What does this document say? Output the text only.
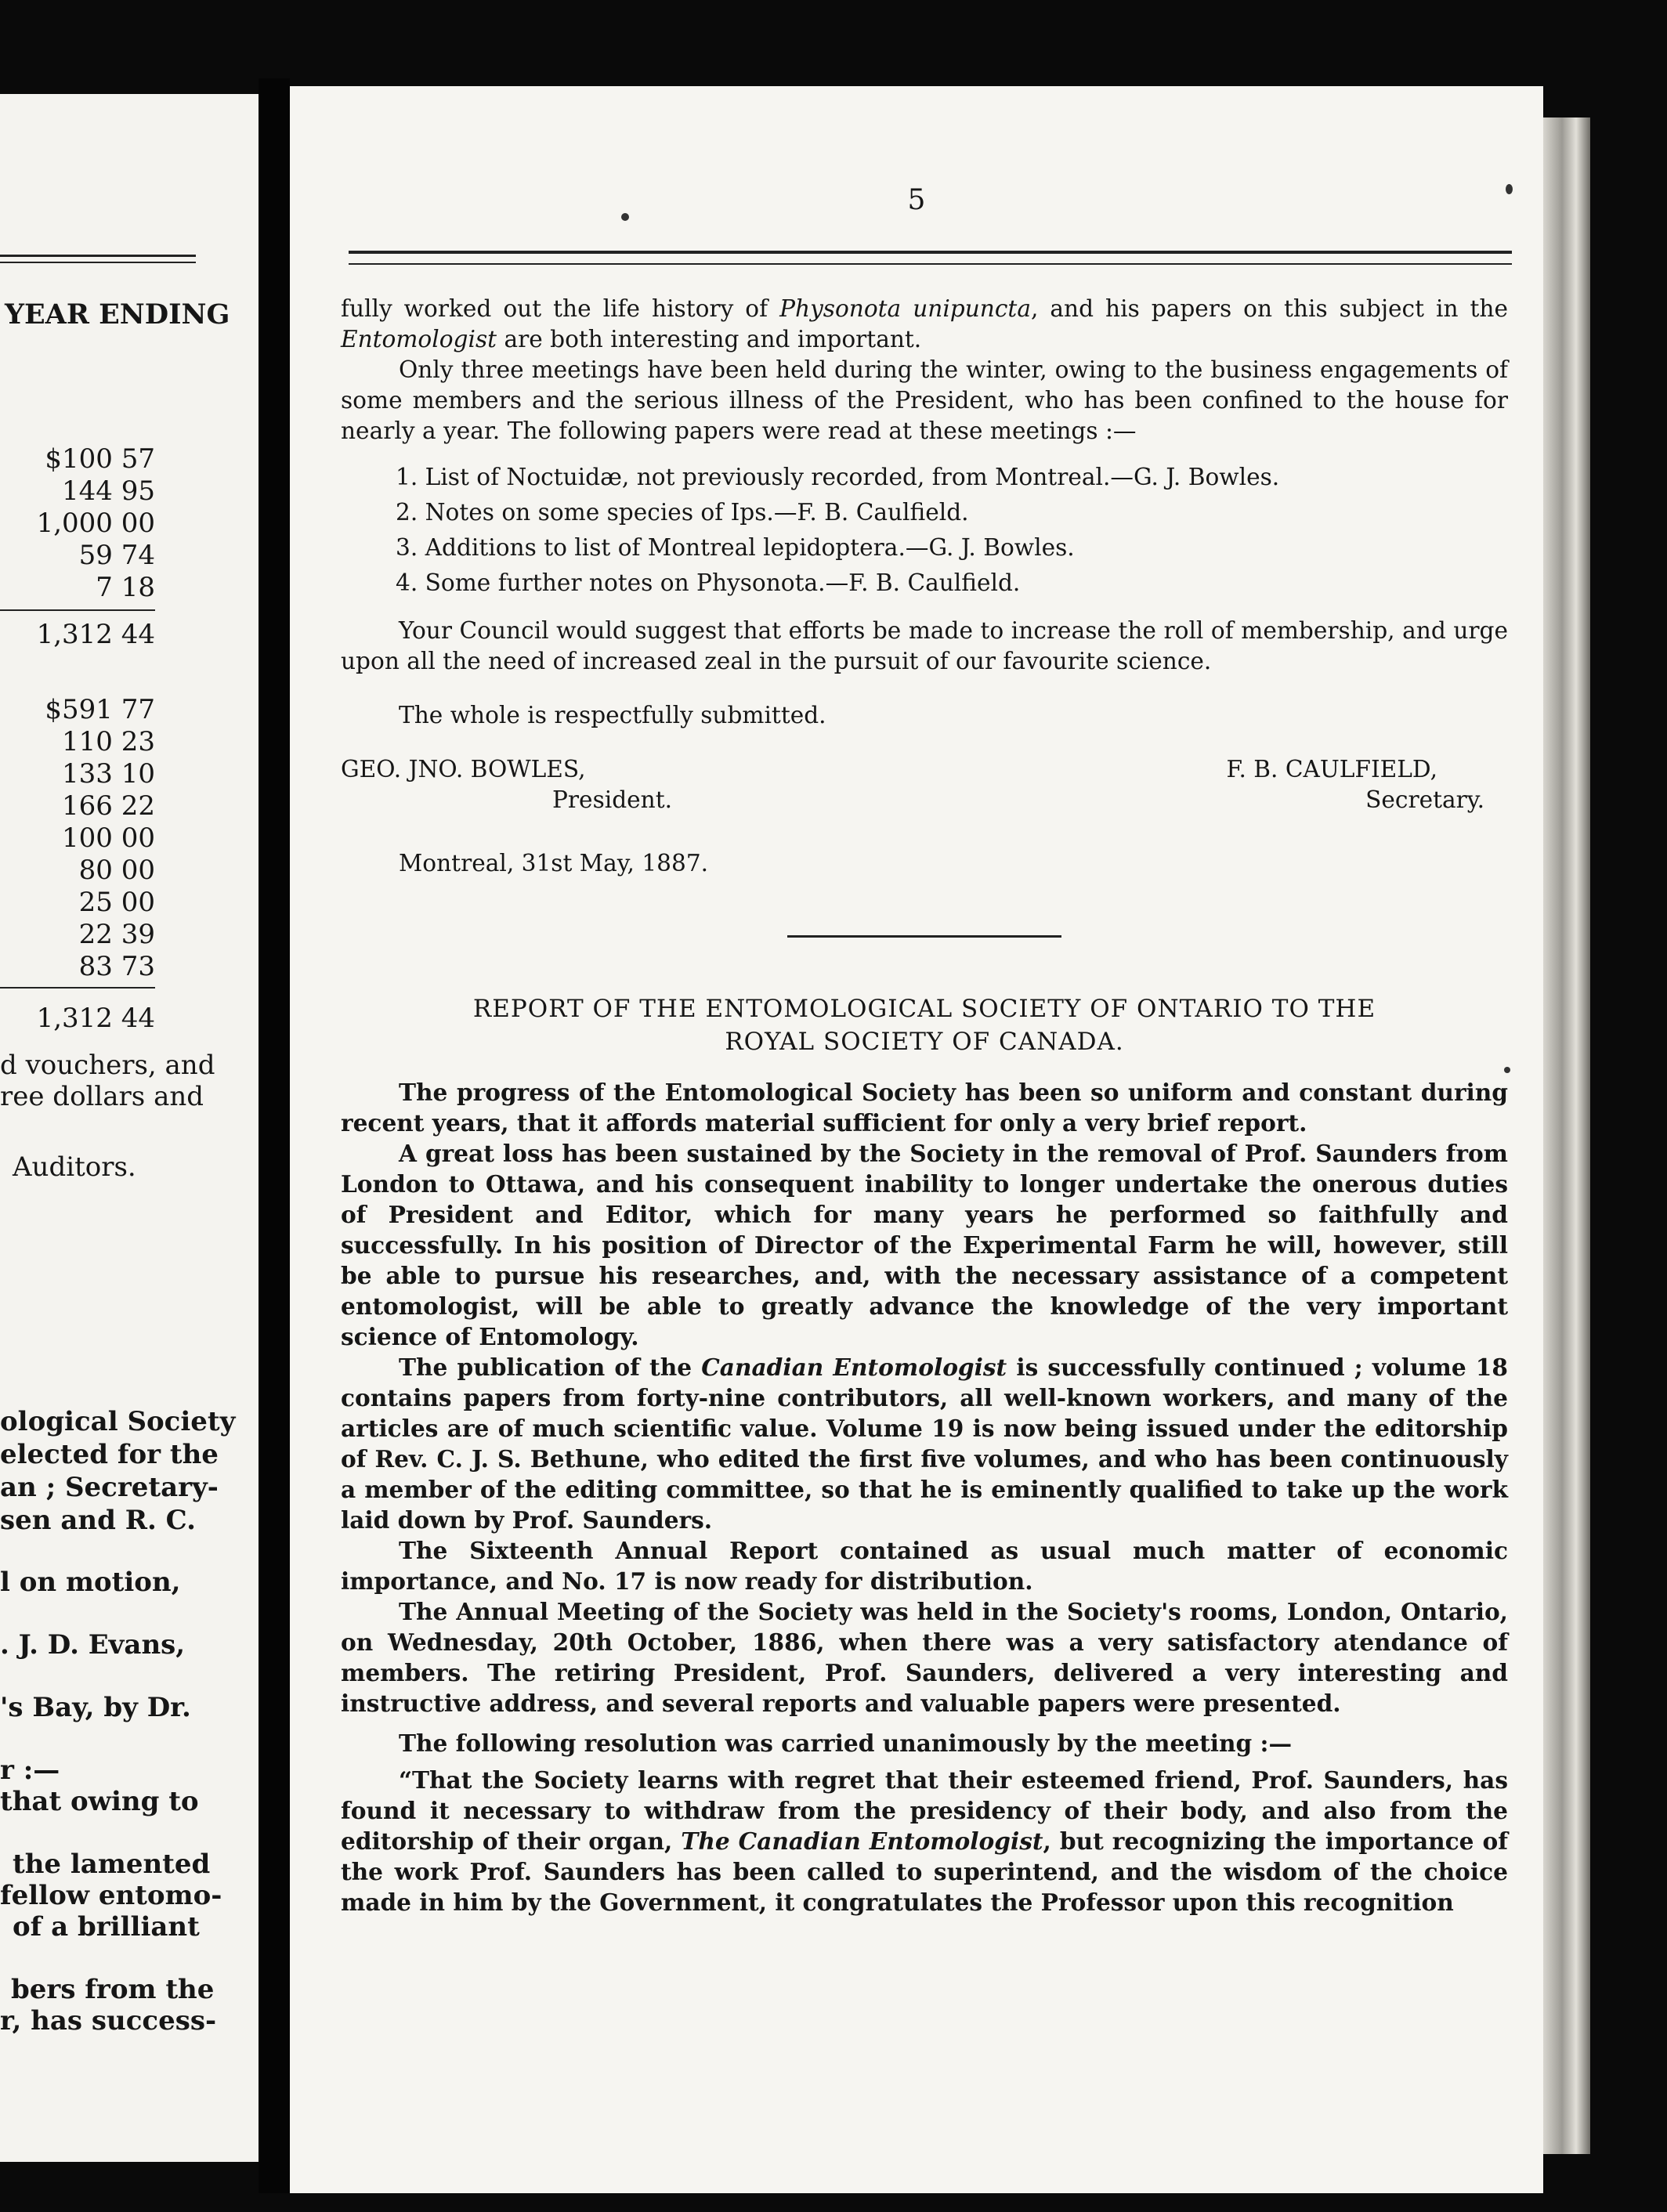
YEAR ENDING
$100 57
144 95
1,000 00
59 74
7 18
1,312 44
$591 77
110 23
133 10
166 22
100 00
80 00
25 00
22 39
83 73
1,312 44
d vouchers, and
ree dollars and
Auditors.
ological Society
elected for the
an ; Secretary-
sen and R. C.
l on motion,
. J. D. Evans,
's Bay, by Dr.
r :—
that owing to
the lamented
fellow entomo-
of a brilliant
bers from the
r, has success-
5

fully worked out the life history of Physonota unipuncta, and his papers on this subject in the Entomologist are both interesting and important.

Only three meetings have been held during the winter, owing to the business engagements of some members and the serious illness of the President, who has been confined to the house for nearly a year. The following papers were read at these meetings :—

1. List of Noctuidæ, not previously recorded, from Montreal.—G. J. Bowles.
2. Notes on some species of Ips.—F. B. Caulfield.
3. Additions to list of Montreal lepidoptera.—G. J. Bowles.
4. Some further notes on Physonota.—F. B. Caulfield.

Your Council would suggest that efforts be made to increase the roll of membership, and urge upon all the need of increased zeal in the pursuit of our favourite science.

The whole is respectfully submitted.

GEO. JNO. BOWLES,
President.
F. B. CAULFIELD,
Secretary.
Montreal, 31st May, 1887.
REPORT OF THE ENTOMOLOGICAL SOCIETY OF ONTARIO TO THE
ROYAL SOCIETY OF CANADA.

The progress of the Entomological Society has been so uniform and constant during recent years, that it affords material sufficient for only a very brief report.

A great loss has been sustained by the Society in the removal of Prof. Saunders from London to Ottawa, and his consequent inability to longer undertake the onerous duties of President and Editor, which for many years he performed so faithfully and successfully. In his position of Director of the Experimental Farm he will, however, still be able to pursue his researches, and, with the necessary assistance of a competent entomologist, will be able to greatly advance the knowledge of the very important science of Entomology.

The publication of the Canadian Entomologist is successfully continued ; volume 18 contains papers from forty-nine contributors, all well-known workers, and many of the articles are of much scientific value. Volume 19 is now being issued under the editorship of Rev. C. J. S. Bethune, who edited the first five volumes, and who has been continuously a member of the editing committee, so that he is eminently qualified to take up the work laid down by Prof. Saunders.

The Sixteenth Annual Report contained as usual much matter of economic importance, and No. 17 is now ready for distribution.

The Annual Meeting of the Society was held in the Society's rooms, London, Ontario, on Wednesday, 20th October, 1886, when there was a very satisfactory atendance of members. The retiring President, Prof. Saunders, delivered a very interesting and instructive address, and several reports and valuable papers were presented.

The following resolution was carried unanimously by the meeting :—

“That the Society learns with regret that their esteemed friend, Prof. Saunders, has found it necessary to withdraw from the presidency of their body, and also from the editorship of their organ, The Canadian Entomologist, but recognizing the importance of the work Prof. Saunders has been called to superintend, and the wisdom of the choice made in him by the Government, it congratulates the Professor upon this recognition
